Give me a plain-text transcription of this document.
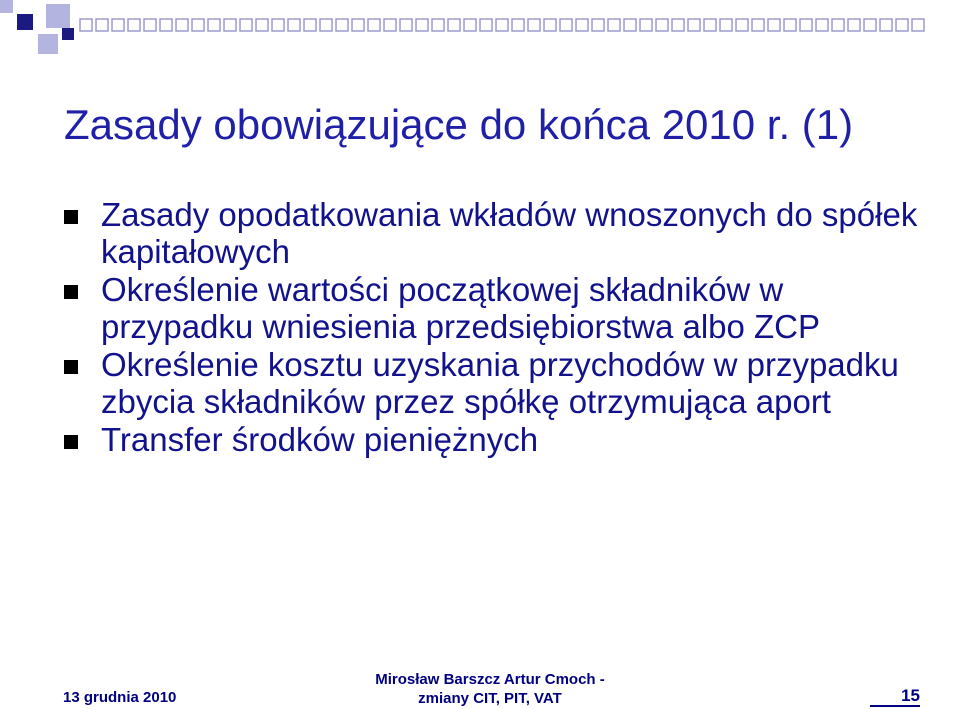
Zasady obowiązujące do końca 2010 r. (1)
Zasady opodatkowania wkładów wnoszonych do spółek kapitałowych
Określenie wartości początkowej składników w przypadku wniesienia przedsiębiorstwa albo ZCP
Określenie kosztu uzyskania przychodów w przypadku zbycia składników przez spółkę otrzymująca aport
Transfer środków pieniężnych
13 grudnia 2010
Mirosław Barszcz Artur Cmoch -
zmiany CIT, PIT, VAT	15
